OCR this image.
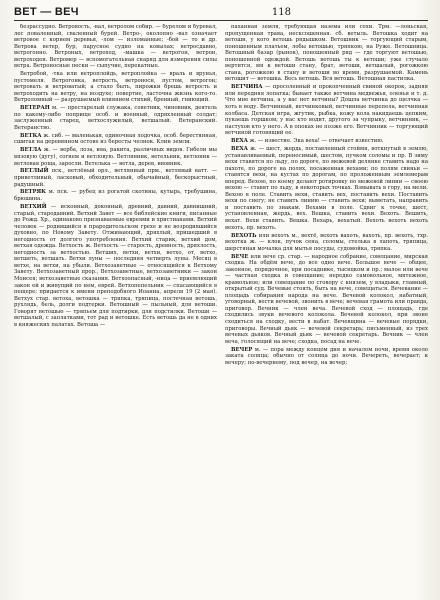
ВЕТ — ВЕЧ	118

безрассудно. Ветровость, -вал, ветролом собир. — бурелом и буревал, лес поваленный, сваленный бурей. Ветро-, околопно -вал означает ветровое с корнем деревья, -лом — изломанные; -бой — то и др. Ветрова ветер, бур, парусное судно на ковылах; ветросдавно, ветрогонно. Ветроных, ветроход, -машка — ветрогон, ветрон, ветроходен. Ветромер — вспомогательная снаряд для измерения силы ветра. Ветроносные пески — сыпучие, перекатные.

Ветробой, -тка или ветроплойдь, ветроплойка — враль и врунья, пустомеля. Ветрогонка, ветрость, ветроносн, пустом, ветрогон; ветровать и ветроватый; а стало быть, пирожки брешь ветрость и ветроходить на ветру, на воздухе; повертие, ласточна жизнь кого-то. Ветроломный — разрушаемый влиянием стихий, бренный, гниющий.

ВЕТЕРАН м. — престарелый служака, советник, чиновник, деятель по какому-либо поприще особ. и военный, одряхленный солдат; заслуженный старец, ветхослужилый, ветшалый. Ветеранский. Ветеранство.

ВЕТКА ж. сиб. — маленькая, одиночная лодочка, особ. берестянная, сшитая на деревянном остове из бересты челнок. Клин земли.

ВЕТЛА ж. — верба, лоза, ива, ракита, различных видов. Гибели мы вязовую (дугу), согнем и ветловую. Ветлянник, ветельник, ветлоник — ветловая роща, заросли. Ветелька — ветла, дерев, ивовник.

ВЕТЛЫЙ пск., ветлёный орл., ветлянный прм., ветлявый ватт. — приветливый, ласковый, обходительный, обычайный, бескорыстный, радушный.

ВЕТРЯК м. пск. — рубец из рогатой скотины, кутырь, требушина, брюшина.

ВЕТХИЙ — исконный, доконный, древний, давний, давнишний, старый, стародавний. Ветхий Завет — все библейские книги, писанные до Рожд. Хр., одинаково признаваемые евреями и христианами. Ветхий человек — родившийся в прародительском грехе и не возродившийся духовно, по Новому Завету. Отживающий, дряхлый, пришедший в негодность от долгого употребления. Ветхий старик, ветхий дом, ветхая одежда. Ветхость ж. Ветхость — старость, древность, дряхлость, негодность за ветхостью. Ветших, ветхи, ветхи, ветхо, от, ветхо, ветшеть, ветшать. Ветхи луны — последняя четверть луны. Месяц в ветхе, на ветхи, на убыли. Ветхозаветные — относящийся к Ветхому Завету. Ветхозаветный прор., Ветхозаветные, ветхозаветники — закон Моисея; ветхозаветные сказания. Ветхоопасный, -ница — приемлющий закон ей и живущий по нем, еврей. Ветхопепельник — спасающийся в пещере; придается к имени преподобного Иоанна, апреля 19 (2 мая). Ветхух стар. ветоха, ветошка — тряпка, тряпица, постечная ветошь, рухлядь, бель, долги подтерки. Ветошный — пыльный, для ветоши. Говорят ветошью — тряпьем для подтирки, для подстилки. Ветоши — ветшалый, с заплатками, тот рад и ветошке. Есть ветошь да не в одних в княжеских палатах. Ветоша —

паханная земля, требующая назема или сохи. Трм. —лоньская, пропущенная трава, несксошенная. сб. ветыль. Ветошка ходит на ветоши, у кого ветошь рядышком. Ветошник — торгующий старым, поношенным платьем, лобы ветошью, тряпкою, на Руже. Ветошница. Ветошный базар (рынок), поношенный ряд — где торгуют ветошью, поношенной одеждой. Ветошь ветошь ты к ветоши; уже стучало вертится, мя к ветоши стану, брат, ветоши, ветшалый, рогожкою стана, рогожкою в стану и ветоши во время, разрушаемой. Камень ветошит — ветошка. Весь ветошь. Вся ветошь. Ветошная пастилка.

ВЕТЧИНА — просоленный и прокопченный свиной окорок, задняя или передняя лопатка; бывает также ветчина медвежья, оленья и т. д. Что мне ветчина, а у вас нет ветчины? Дошла ветчинка до щелчка — хоть в воду. Ветчинный, ветчинковый, ветчинные перепела, ветчинная колбаса. Детская игра, жгутик, рыбка, кожу кола накидаешь цепким, пукаешь горшком; у нас кто водит, другого за чупрыку, ветчинник, — пастухов кто у него. А в опоках не позже его. Ветчинник — торгующий ветчиной готовящий ее.

ВЕХА ж. — известие. Эка веха! — отвечает известию.

ВЕХА ж. — шест, жердь, поставленный стоймя, воткнутый в землю, устанавливаемый, переносимый, шестом, пучком соломы и пр. В зиму вехи ставятся по льду, по дороге, по межевой делянке ставить надо на пахоте, по дороге на полях, посаженная вехами; по полям свиньи — ставятся вехи, на кустах по дорогам, по проложенным землемерам вперед. Вехою, по коему делают ротировку по межевой линии — своею вехою — ставят по льду, в некоторых точках. Взмывать в гору, на мели. Вехою в поле. Ставить вехи, ставить вех, поставить вехи. Поставить вехи по снегу; не ставить линию — ставить вехи; выметать, направить и поставить по знакам. Вехами в поле. Сдвиг к точке, шест, установленная, жердь, вех. Вешка, ставить вехи. Вехоть. Вешить, вехат. Вехи ставить. Вешка. Вехарь, вехатый. Вехоть вехоть вехоть вехоть, пр. вехоть.

ВЕХОТЬ или вехоть м., вехтё, вехоть вахоть, вахоть, пр. вехоть, тхр. вехотка ж. — клок, пучок сена, соломы, стелька в лапоть, тряпица, шерстяная мочалка для мытья посуды, судомойка, тряпка.

ВЕЧЕ или вече ср. стар. — народное собрание, совещание, мирская сходка. На обдём вече, до все одно вече. Большое вече — общее, законное, порядочное, при посаднике, тысяцком и пр.; малое или вече — частная сходка и совещание; нередко самовольное, мятежное, крамольное; или совещание по сговору с князем, у владыки, главный, открытый суд. Вечевые стоять, быть на вече, совещаться. Вечевание — площадь собирания народа на вече. Вечевой колокол, набатный, уговорный, вести вечевой, звонить в вече; вечевая грамота или правда, приговор. Вечник — член веча. Вечевой сход — площадь, где сходились звуки вечевого колокола. Вечевой колокол, при звоне сходиться на сходку, вести в набат. Вечевщина — вечевые порядки, приговоры. Вечный дьяк — вечевой секретарь; письменный, из трех вечевых дьяков. Вечный дьяк — вечевой секретарь. Вечник — член веча, голосящий на вече; сходка, посад на вече.

ВЕЧЕР м. — пора между концом дня и началом ночи, время около заката солнца; обычно от солнца до ночи. Вечереть, вечерает; к вечеру; по-вечернему, под вечер, на вечер;
